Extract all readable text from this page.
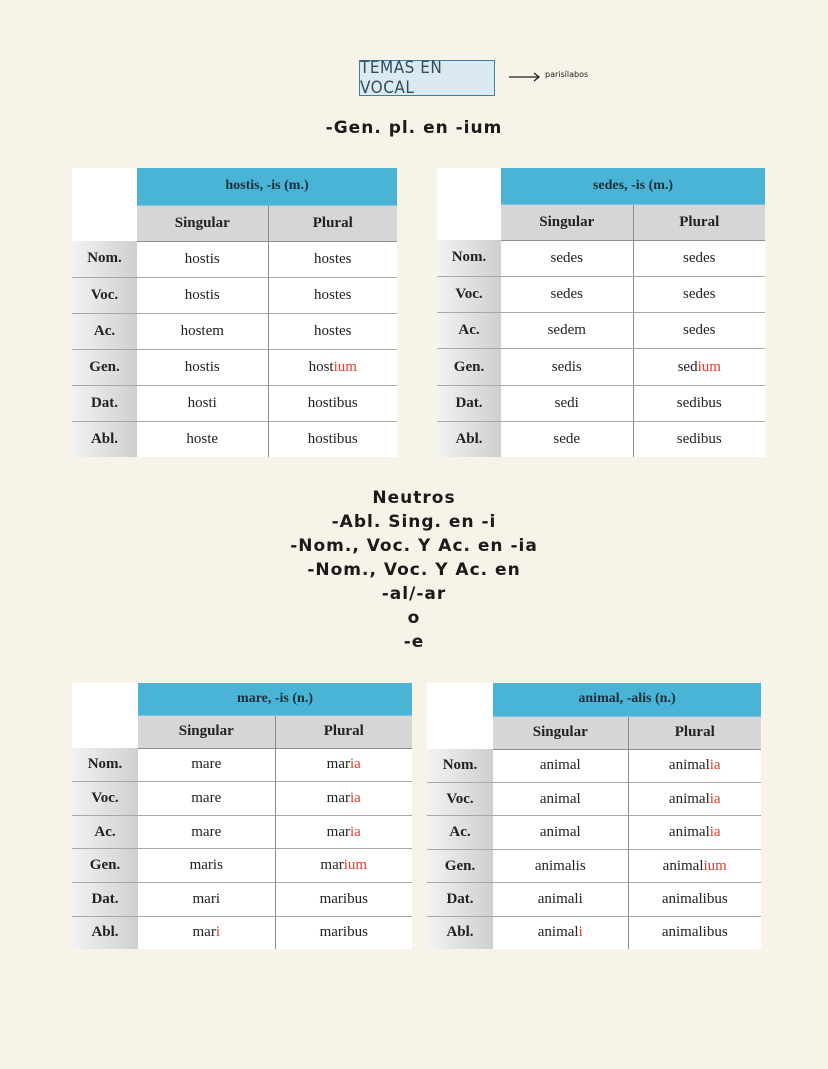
TEMAS EN VOCAL
parisílabos
-Gen. pl. en -ium
	hostis, -is (m.)	
	Singular	Plural
Nom.	hostis	hostes
Voc.	hostis	hostes
Ac.	hostem	hostes
Gen.	hostis	hostium
Dat.	hosti	hostibus
Abl.	hoste	hostibus
	sedes, -is (m.)	
	Singular	Plural
Nom.	sedes	sedes
Voc.	sedes	sedes
Ac.	sedem	sedes
Gen.	sedis	sedium
Dat.	sedi	sedibus
Abl.	sede	sedibus
Neutros
-Abl. Sing. en -i
-Nom., Voc. Y Ac. en -ia
-Nom., Voc. Y Ac. en
-al/-ar
o
-e
	mare, -is (n.)	
	Singular	Plural
Nom.	mare	maria
Voc.	mare	maria
Ac.	mare	maria
Gen.	maris	marium
Dat.	mari	maribus
Abl.	mari	maribus
	animal, -alis (n.)	
	Singular	Plural
Nom.	animal	animalia
Voc.	animal	animalia
Ac.	animal	animalia
Gen.	animalis	animalium
Dat.	animali	animalibus
Abl.	animali	animalibus
